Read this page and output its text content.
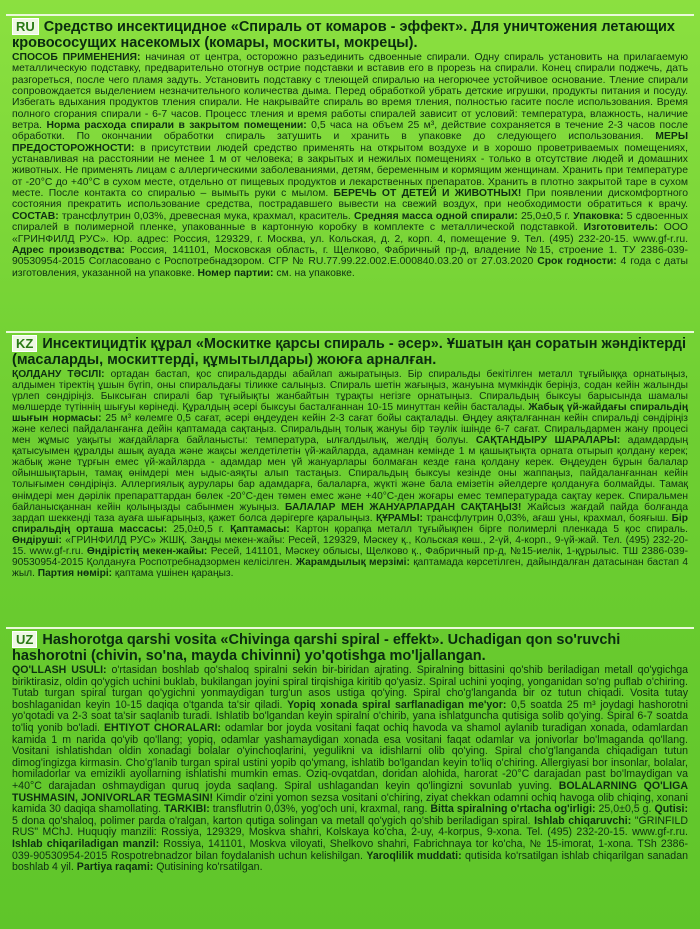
RU Средство инсектицидное «Спираль от комаров - эффект». Для уничтожения летающих кровососущих насекомых (комары, москиты, мокрецы).

СПОСОБ ПРИМЕНЕНИЯ: начиная от центра, осторожно разъединить сдвоенные спирали. Одну спираль установить на прилагаемую металлическую подставку, предварительно отогнув острие подставки и вставив его в прорезь на спирали. Конец спирали поджечь, дать разгореться, после чего пламя задуть. Установить подставку с тлеющей спиралью на негорючее устойчивое основание. Тление спирали сопровождается выделением незначительного количества дыма. Перед обработкой убрать детские игрушки, продукты питания и посуду. Избегать вдыхания продуктов тления спирали. Не накрывайте спираль во время тления, полностью гасите после использования. Время полного сгорания спирали - 6-7 часов. Процесс тления и время работы спиралей зависит от условий: температура, влажность, наличие ветра. Норма расхода спирали в закрытом помещении: 0,5 часа на объем 25 м³, действие сохраняется в течение 2-3 часов после обработки. По окончании обработки спираль затушить и хранить в упаковке до следующего использования. МЕРЫ ПРЕДОСТОРОЖНОСТИ: в присутствии людей средство применять на открытом воздухе и в хорошо проветриваемых помещениях, устанавливая на расстоянии не менее 1 м от человека; в закрытых и нежилых помещениях - только в отсутствие людей и домашних животных. Не применять лицам с аллергическими заболеваниями, детям, беременным и кормящим женщинам. Хранить при температуре от -20°C до +40°C в сухом месте, отдельно от пищевых продуктов и лекарственных препаратов. Хранить в плотно закрытой таре в сухом месте. После контакта со спиралью – вымыть руки с мылом. БЕРЕЧЬ ОТ ДЕТЕЙ И ЖИВОТНЫХ! При появлении дискомфортного состояния прекратить использование средства, пострадавшего вывести на свежий воздух, при необходимости обратиться к врачу. СОСТАВ: трансфлутрин 0,03%, древесная мука, крахмал, краситель. Средняя масса одной спирали: 25,0±0,5 г. Упаковка: 5 сдвоенных спиралей в полимерной пленке, упакованные в картонную коробку в комплекте с металлической подставкой. Изготовитель: ООО «ГРИНФИЛД РУС». Юр. адрес: Россия, 129329, г. Москва, ул. Кольская, д. 2, корп. 4, помещение 9. Тел. (495) 232-20-15. www.gf-r.ru. Адрес производства: Россия, 141101, Московская область, г. Щелково, Фабричный пр-д, владение №15, строение 1. ТУ 2386-039-90530954-2015 Согласовано с Роспотребнадзором. СГР № RU.77.99.22.002.Е.000840.03.20 от 27.03.2020 Срок годности: 4 года с даты изготовления, указанной на упаковке. Номер партии: см. на упаковке.

KZ Инсектицидтік құрал «Москитке қарсы спираль - әсер». Ұшатын қан соратын жәндіктерді (масаларды, москиттерді, құмытылдары) жоюға арналған.

ҚОЛДАНУ ТӘСІЛІ: ортадан бастап, қос спиральдарды абайлап ажыратыңыз. Бір спиральды бекітілген металл тұғыйыққа орнатыңыз, алдымен тіректің ұшын бүгіп, оны спиральдағы тіликке салыңыз. Спираль шетін жағыңыз, жануына мүмкіндік беріңіз, содан кейін жалынды үрлеп сөндіріңіз. Быксыған спиралі бар тұғыйықты жанбайтын тұрақты негізге орнатыңыз. Спиральдың быксуы барысында шамалы мөлшерде түтіннің шығуы көрінеді. Құралдың әсері быксуы басталғаннан 10-15 минуттан кейін басталады. Жабық үй-жайдағы спиральдің шығын нормасы: 25 м³ көлемге 0,5 сағат, әсері өңдеуден кейін 2-3 сағат бойы сақталады. Өңдеу аяқталғаннан кейін спиральді сөндіріңіз және келесі пайдаланғанға дейін қаптамада сақтаңыз. Спиральдың толық жануы бір тәулік ішінде 6-7 сағат. Спиральдармен жану процесі мен жұмыс уақыты жағдайларға байланысты: температура, ылғалдылық, желдің болуы. САҚТАНДЫРУ ШАРАЛАРЫ: адамдардың қатысуымен құралды ашық ауада және жақсы желдетілетін үй-жайларда, адамнан кемінде 1 м қашықтықта орната отырып қолдану керек; жабық және тұрғын емес үй-жайларда - адамдар мен үй жануарлары болмаған кезде ғана қолдану керек. Өңдеуден бұрын балалар ойыншықтарын, тамақ өнімдері мен ыдыс-аяқты алып тастаңыз. Спиральдың быксуы кезінде оны жаппаңыз, пайдаланғаннан кейін толығымен сөндіріңіз. Аллергиялық аурулары бар адамдарға, балаларға, жүкті және бала емізетін әйелдерге қолдануға болмайды. Тамақ өнімдері мен дәрілік препараттардан бөлек -20°С-ден төмен емес және +40°С-ден жоғары емес температурада сақтау керек. Спиральмен байланысқаннан кейін қолыңызды сабынмен жуыңыз. БАЛАЛАР МЕН ЖАНУАРЛАРДАН САҚТАҢЫЗ! Жайсыз жағдай пайда болғанда зардап шеккенді таза ауаға шығарыңыз, қажет болса дәрігерге қаралыңыз. ҚҰРАМЫ: трансфлутрин 0,03%, ағаш ұны, крахмал, бояғыш. Бір спиральдің орташа массасы: 25,0±0,5 г. Қаптамасы: Картон қорапқа металл тұғыйықпен бірге полимерлі пленкада 5 қос спираль. Өндіруші: «ГРИНФИЛД РУС» ЖШҚ. Заңды мекен-жайы: Ресей, 129329, Мәскеу қ., Кольская көш., 2-үй, 4-корп., 9-үй-жай. Тел. (495) 232-20-15. www.gf-r.ru. Өндірістің мекен-жайы: Ресей, 141101, Мәскеу облысы, Щелково қ., Фабричный пр-д, №15-иелік, 1-құрылыс. ТШ 2386-039-90530954-2015 Қолдануға Роспотребнадзормен келісілген. Жарамдылық мерзімі: қаптамада көрсетілген, дайындалған датасынан бастап 4 жыл. Партия нөмірі: қаптама үшінен қараңыз.

UZ Hashorotga qarshi vosita «Chivinga qarshi spiral - effekt». Uchadigan qon so'ruvchi hashorotni (chivin, so'na, mayda chivinni) yo'qotishga mo'ljallangan.

QO'LLASH USULI: o'rtasidan boshlab qo'shaloq spiralni sekin bir-biridan ajrating. Spiralning bittasini qo'shib beriladigan metall qo'ygichga biriktirasiz, oldin qo'ygich uchini buklab, bukilangan joyini spiral tirqishiga kiritib qo'yasiz. Spiral uchini yoqing, yonganidan so'ng puflab o'chiring. Tutab turgan spiral turgan qo'ygichni yonmaydigan turg'un asos ustiga qo'ying. Spiral cho'g'langanda bir oz tutun chiqadi. Vosita tutay boshlaganidan keyin 10-15 daqiqa o'tganda ta'sir qiladi. Yopiq xonada spiral sarflanadigan me'yor: 0,5 soatda 25 m³ joydagi hashorotni yo'qotadi va 2-3 soat ta'sir saqlanib turadi. Ishlatib bo'lgandan keyin spiralni o'chirib, yana ishlatguncha qutisiga solib qo'ying. Spiral 6-7 soatda to'liq yonib bo'ladi. EHTIYOT CHORALARI: odamlar bor joyda vositani faqat ochiq havoda va shamol aylanib turadigan xonada, odamlardan kamida 1 m naridа qo'yib qo'llang; yopiq, odamlar yashamaydigan xonada esa vositani faqat odamlar va jonivorlar bo'lmaganda qo'llang. Vositani ishlatishdan oldin xonadagi bolalar o'yinchoqlarini, yegulikni va idishlarni olib qo'ying. Spiral cho'g'langanda chiqadigan tutun dimog'ingizga kirmasin. Cho'g'lanib turgan spiral ustini yopib qo'ymang, ishlatib bo'lgandan keyin to'liq o'chiring. Allergiyasi bor insonlar, bolalar, homiladorlar va emizikli ayollarning ishlatishi mumkin emas. Oziq-ovqatdan, doridan alohida, harorat -20°C darajadan past bo'lmaydigan va +40°C darajadan oshmaydigan quruq joyda saqlang. Spiral ushlagandan keyin qo'lingizni sovunlab yuving. BOLALARNING QO'LIGA TUSHMASIN, JONIVORLAR TEGMASIN! Kimdir o'zini yomon sezsa vositani o'chiring, ziyat chekkan odamni ochiq havoga olib chiqing, xonani kamida 30 daqiqa shamollating. TARKIBI: transflutrin 0,03%, yog'och uni, kraxmal, rang. Bitta spiralning o'rtacha og'irligi: 25,0±0,5 g. Qutisi: 5 dona qo'shaloq, polimer parda o'ralgan, karton qutiga solingan va metall qo'ygich qo'shib beriladigan spiral. Ishlab chiqaruvchi: "GRINFILD RUS" MChJ. Huquqiy manzili: Rossiya, 129329, Moskva shahri, Kolskaya ko'cha, 2-uy, 4-korpus, 9-xona. Tel. (495) 232-20-15. www.gf-r.ru. Ishlab chiqariladigan manzil: Rossiya, 141101, Moskva viloyati, Shelkovo shahri, Fabrichnaya tor ko'cha, № 15-imorat, 1-xona. TSh 2386-039-90530954-2015 Rospotrebnadzor bilan foydalanish uchun kelishilgan. Yaroqlilik muddati: qutisida ko'rsatilgan ishlab chiqarilgan sanadan boshlab 4 yil. Partiya raqami: Qutisining ko'rsatilgan.
